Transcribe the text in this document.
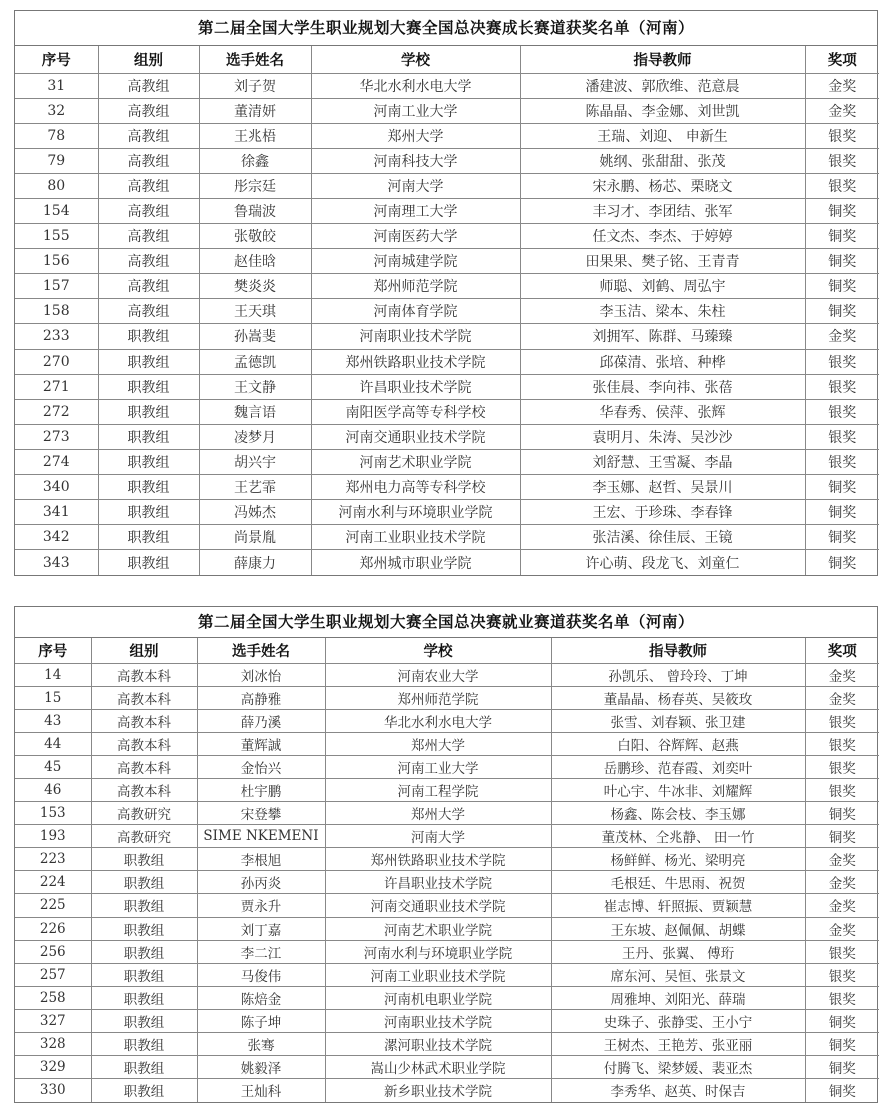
第二届全国大学生职业规划大赛全国总决赛成长赛道获奖名单（河南）
序号	组别	选手姓名	学校	指导教师	奖项
31	高教组	刘子贺	华北水利水电大学	潘建波、郭欣维、范意晨	金奖
32	高教组	董清妍	河南工业大学	陈晶晶、李金娜、刘世凯	金奖
78	高教组	王兆梧	郑州大学	王瑞、刘迎、 申新生	银奖
79	高教组	徐鑫	河南科技大学	姚纲、张甜甜、张茂	银奖
80	高教组	彤宗廷	河南大学	宋永鹏、杨芯、栗晓文	银奖
154	高教组	鲁瑞波	河南理工大学	丰习才、李团结、张军	铜奖
155	高教组	张敬皎	河南医药大学	任文杰、李杰、于婷婷	铜奖
156	高教组	赵佳晗	河南城建学院	田果果、樊子铭、王青青	铜奖
157	高教组	樊炎炎	郑州师范学院	师聪、刘鹤、周弘宇	铜奖
158	高教组	王天琪	河南体育学院	李玉洁、梁本、朱柱	铜奖
233	职教组	孙嵩斐	河南职业技术学院	刘拥军、陈群、马臻臻	金奖
270	职教组	孟德凯	郑州铁路职业技术学院	邱葆清、张培、种桦	银奖
271	职教组	王文静	许昌职业技术学院	张佳晨、李向祎、张蓓	银奖
272	职教组	魏言语	南阳医学高等专科学校	华春秀、侯萍、张辉	银奖
273	职教组	凌梦月	河南交通职业技术学院	袁明月、朱涛、吴沙沙	银奖
274	职教组	胡兴宇	河南艺术职业学院	刘舒慧、王雪凝、李晶	银奖
340	职教组	王艺霏	郑州电力高等专科学校	李玉娜、赵哲、吴景川	铜奖
341	职教组	冯姊杰	河南水利与环境职业学院	王宏、于珍珠、李春锋	铜奖
342	职教组	尚景胤	河南工业职业技术学院	张洁溪、徐佳辰、王镜	铜奖
343	职教组	薛康力	郑州城市职业学院	许心萌、段龙飞、刘童仁	铜奖
第二届全国大学生职业规划大赛全国总决赛就业赛道获奖名单（河南）
序号	组别	选手姓名	学校	指导教师	奖项
14	高教本科	刘冰怡	河南农业大学	孙凯乐、 曾玲玲、丁坤	金奖
15	高教本科	高静雅	郑州师范学院	董晶晶、杨春英、吴筱玫	金奖
43	高教本科	薛乃溪	华北水利水电大学	张雪、刘春颖、张卫建	银奖
44	高教本科	董辉誠	郑州大学	白阳、谷辉辉、赵燕	银奖
45	高教本科	金怡兴	河南工业大学	岳鹏珍、范春霞、刘奕叶	银奖
46	高教本科	杜宇鹏	河南工程学院	叶心宇、牛冰非、刘耀辉	银奖
153	高教研究	宋登攀	郑州大学	杨鑫、陈会枝、李玉娜	铜奖
193	高教研究	SIME NKEMENI	河南大学	董茂林、仝兆静、 田一竹	铜奖
223	职教组	李根旭	郑州铁路职业技术学院	杨鲜鲜、杨光、梁明亮	金奖
224	职教组	孙丙炎	许昌职业技术学院	毛根廷、牛思雨、祝贺	金奖
225	职教组	贾永升	河南交通职业技术学院	崔志博、轩照振、贾颖慧	金奖
226	职教组	刘丁嘉	河南艺术职业学院	王东坡、赵佩佩、胡蝶	金奖
256	职教组	李二江	河南水利与环境职业学院	王丹、张翼、 傅珩	银奖
257	职教组	马俊伟	河南工业职业技术学院	席东河、吴恒、张景文	银奖
258	职教组	陈焙金	河南机电职业学院	周雅坤、刘阳光、薛瑞	银奖
327	职教组	陈子坤	河南职业技术学院	史珠子、张静雯、王小宁	铜奖
328	职教组	张骞	漯河职业技术学院	王树杰、王艳芳、张亚丽	铜奖
329	职教组	姚毅泽	嵩山少林武术职业学院	付腾飞、梁梦媛、裴亚杰	铜奖
330	职教组	王灿科	新乡职业技术学院	李秀华、赵英、时保吉	铜奖
